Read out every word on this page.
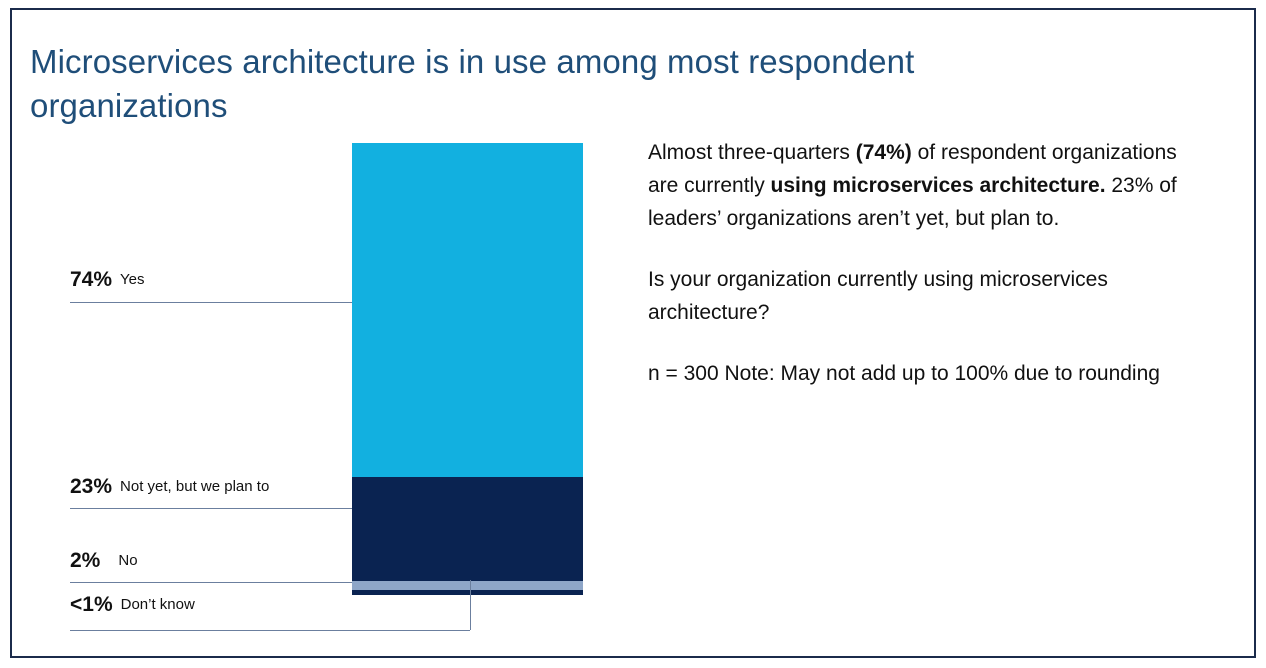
Microservices architecture is in use among most respondent organizations
74% Yes
23% Not yet, but we plan to
2% No
<1% Don’t know

Almost three-quarters (74%) of respondent organizations are currently using microservices architecture. 23% of leaders’ organizations aren’t yet, but plan to.

Is your organization currently using microservices architecture?

n = 300 Note: May not add up to 100% due to rounding
